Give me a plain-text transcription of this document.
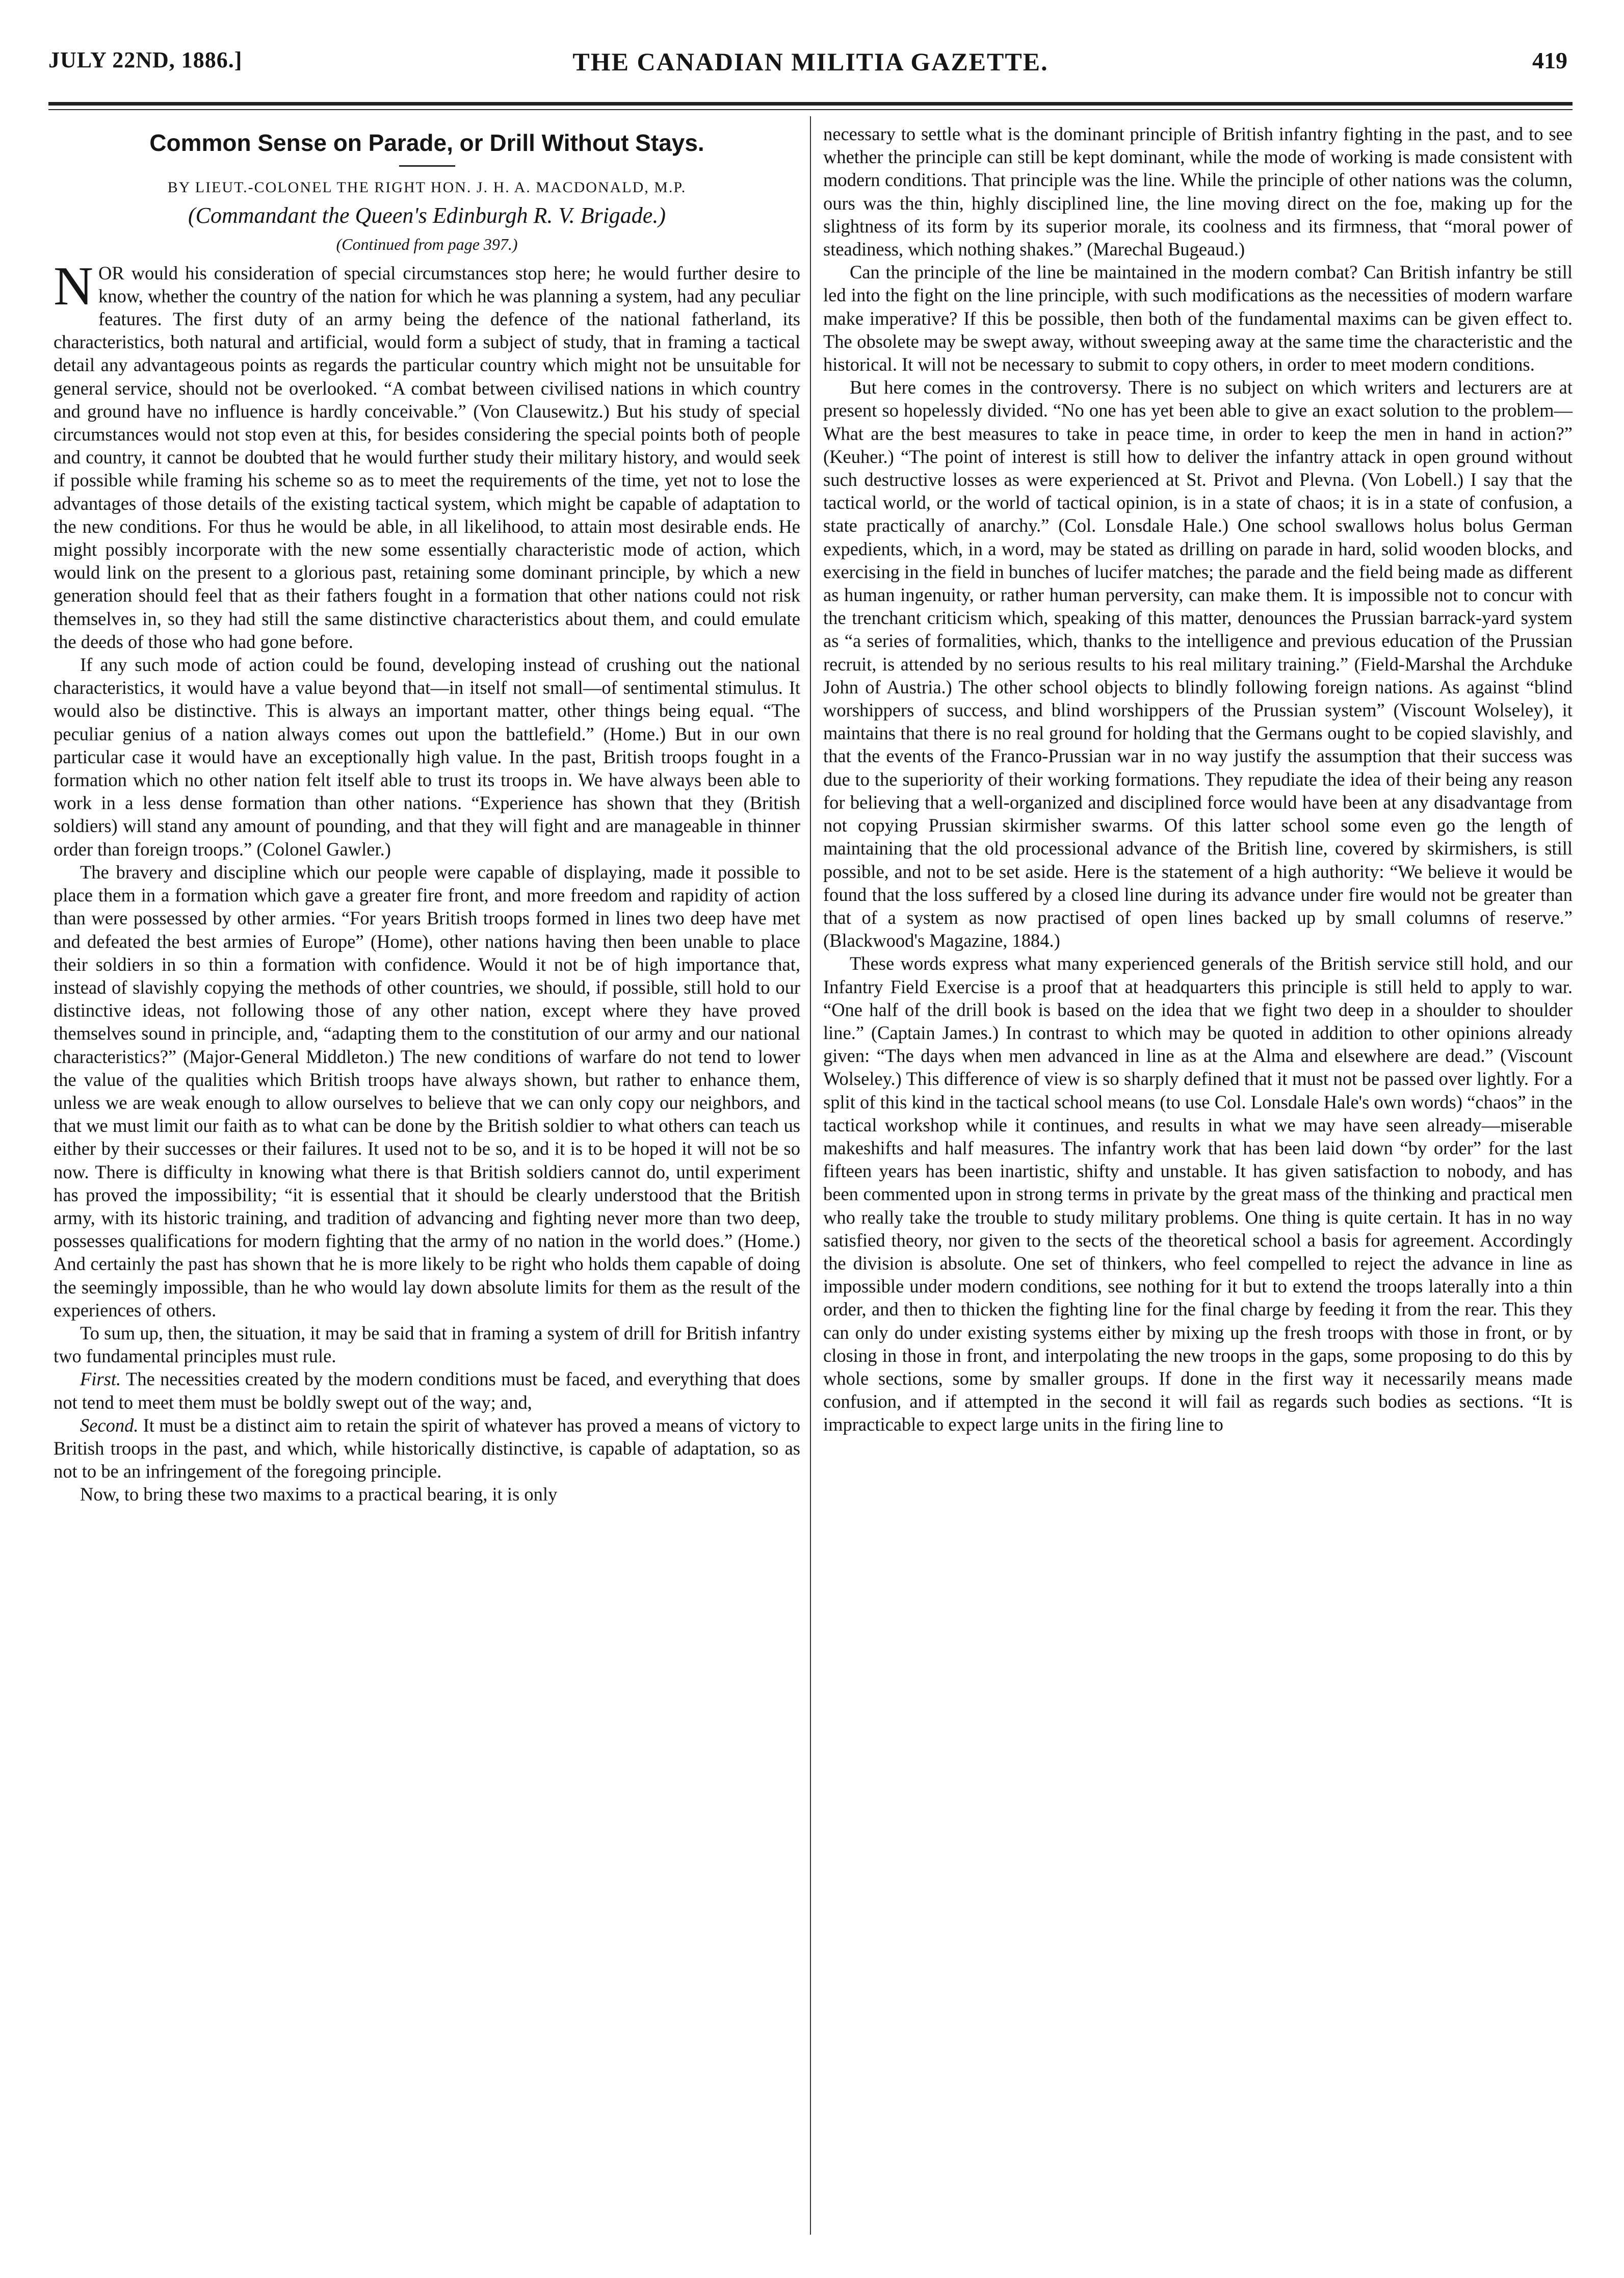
JULY 22ND, 1886.]	THE CANADIAN MILITIA GAZETTE.	419
Common Sense on Parade, or Drill Without Stays.
BY LIEUT.-COLONEL THE RIGHT HON. J. H. A. MACDONALD, M.P.
(Commandant the Queen's Edinburgh R. V. Brigade.)
(Continued from page 397.)

NOR would his consideration of special circumstances stop here; he would further desire to know, whether the country of the nation for which he was planning a system, had any peculiar features. The first duty of an army being the defence of the national fatherland, its characteristics, both natural and artificial, would form a subject of study, that in framing a tactical detail any advantageous points as regards the particular country which might not be unsuitable for general service, should not be overlooked. “A combat between civilised nations in which country and ground have no influence is hardly conceivable.” (Von Clausewitz.) But his study of special circumstances would not stop even at this, for besides considering the special points both of people and country, it cannot be doubted that he would further study their military history, and would seek if possible while framing his scheme so as to meet the requirements of the time, yet not to lose the advantages of those details of the existing tactical system, which might be capable of adaptation to the new conditions. For thus he would be able, in all likelihood, to attain most desirable ends. He might possibly incorporate with the new some essentially characteristic mode of action, which would link on the present to a glorious past, retaining some dominant principle, by which a new generation should feel that as their fathers fought in a formation that other nations could not risk themselves in, so they had still the same distinctive characteristics about them, and could emulate the deeds of those who had gone before.

If any such mode of action could be found, developing instead of crushing out the national characteristics, it would have a value beyond that—in itself not small—of sentimental stimulus. It would also be distinctive. This is always an important matter, other things being equal. “The peculiar genius of a nation always comes out upon the battlefield.” (Home.) But in our own particular case it would have an exceptionally high value. In the past, British troops fought in a formation which no other nation felt itself able to trust its troops in. We have always been able to work in a less dense formation than other nations. “Experience has shown that they (British soldiers) will stand any amount of pounding, and that they will fight and are manageable in thinner order than foreign troops.” (Colonel Gawler.)

The bravery and discipline which our people were capable of displaying, made it possible to place them in a formation which gave a greater fire front, and more freedom and rapidity of action than were possessed by other armies. “For years British troops formed in lines two deep have met and defeated the best armies of Europe” (Home), other nations having then been unable to place their soldiers in so thin a formation with confidence. Would it not be of high importance that, instead of slavishly copying the methods of other countries, we should, if possible, still hold to our distinctive ideas, not following those of any other nation, except where they have proved themselves sound in principle, and, “adapting them to the constitution of our army and our national characteristics?” (Major-General Middleton.) The new conditions of warfare do not tend to lower the value of the qualities which British troops have always shown, but rather to enhance them, unless we are weak enough to allow ourselves to believe that we can only copy our neighbors, and that we must limit our faith as to what can be done by the British soldier to what others can teach us either by their successes or their failures. It used not to be so, and it is to be hoped it will not be so now. There is difficulty in knowing what there is that British soldiers cannot do, until experiment has proved the impossibility; “it is essential that it should be clearly understood that the British army, with its historic training, and tradition of advancing and fighting never more than two deep, possesses qualifications for modern fighting that the army of no nation in the world does.” (Home.) And certainly the past has shown that he is more likely to be right who holds them capable of doing the seemingly impossible, than he who would lay down absolute limits for them as the result of the experiences of others.

To sum up, then, the situation, it may be said that in framing a system of drill for British infantry two fundamental principles must rule.

First. The necessities created by the modern conditions must be faced, and everything that does not tend to meet them must be boldly swept out of the way; and,

Second. It must be a distinct aim to retain the spirit of whatever has proved a means of victory to British troops in the past, and which, while historically distinctive, is capable of adaptation, so as not to be an infringement of the foregoing principle.

Now, to bring these two maxims to a practical bearing, it is only

necessary to settle what is the dominant principle of British infantry fighting in the past, and to see whether the principle can still be kept dominant, while the mode of working is made consistent with modern conditions. That principle was the line. While the principle of other nations was the column, ours was the thin, highly disciplined line, the line moving direct on the foe, making up for the slightness of its form by its superior morale, its coolness and its firmness, that “moral power of steadiness, which nothing shakes.” (Marechal Bugeaud.)

Can the principle of the line be maintained in the modern combat? Can British infantry be still led into the fight on the line principle, with such modifications as the necessities of modern warfare make imperative? If this be possible, then both of the fundamental maxims can be given effect to. The obsolete may be swept away, without sweeping away at the same time the characteristic and the historical. It will not be necessary to submit to copy others, in order to meet modern conditions.

But here comes in the controversy. There is no subject on which writers and lecturers are at present so hopelessly divided. “No one has yet been able to give an exact solution to the problem—What are the best measures to take in peace time, in order to keep the men in hand in action?” (Keuher.) “The point of interest is still how to deliver the infantry attack in open ground without such destructive losses as were experienced at St. Privot and Plevna. (Von Lobell.) I say that the tactical world, or the world of tactical opinion, is in a state of chaos; it is in a state of confusion, a state practically of anarchy.” (Col. Lonsdale Hale.) One school swallows holus bolus German expedients, which, in a word, may be stated as drilling on parade in hard, solid wooden blocks, and exercising in the field in bunches of lucifer matches; the parade and the field being made as different as human ingenuity, or rather human perversity, can make them. It is impossible not to concur with the trenchant criticism which, speaking of this matter, denounces the Prussian barrack-yard system as “a series of formalities, which, thanks to the intelligence and previous education of the Prussian recruit, is attended by no serious results to his real military training.” (Field-Marshal the Archduke John of Austria.) The other school objects to blindly following foreign nations. As against “blind worshippers of success, and blind worshippers of the Prussian system” (Viscount Wolseley), it maintains that there is no real ground for holding that the Germans ought to be copied slavishly, and that the events of the Franco-Prussian war in no way justify the assumption that their success was due to the superiority of their working formations. They repudiate the idea of their being any reason for believing that a well-organized and disciplined force would have been at any disadvantage from not copying Prussian skirmisher swarms. Of this latter school some even go the length of maintaining that the old processional advance of the British line, covered by skirmishers, is still possible, and not to be set aside. Here is the statement of a high authority: “We believe it would be found that the loss suffered by a closed line during its advance under fire would not be greater than that of a system as now practised of open lines backed up by small columns of reserve.” (Blackwood's Magazine, 1884.)

These words express what many experienced generals of the British service still hold, and our Infantry Field Exercise is a proof that at headquarters this principle is still held to apply to war. “One half of the drill book is based on the idea that we fight two deep in a shoulder to shoulder line.” (Captain James.) In contrast to which may be quoted in addition to other opinions already given: “The days when men advanced in line as at the Alma and elsewhere are dead.” (Viscount Wolseley.) This difference of view is so sharply defined that it must not be passed over lightly. For a split of this kind in the tactical school means (to use Col. Lonsdale Hale's own words) “chaos” in the tactical workshop while it continues, and results in what we may have seen already—miserable makeshifts and half measures. The infantry work that has been laid down “by order” for the last fifteen years has been inartistic, shifty and unstable. It has given satisfaction to nobody, and has been commented upon in strong terms in private by the great mass of the thinking and practical men who really take the trouble to study military problems. One thing is quite certain. It has in no way satisfied theory, nor given to the sects of the theoretical school a basis for agreement. Accordingly the division is absolute. One set of thinkers, who feel compelled to reject the advance in line as impossible under modern conditions, see nothing for it but to extend the troops laterally into a thin order, and then to thicken the fighting line for the final charge by feeding it from the rear. This they can only do under existing systems either by mixing up the fresh troops with those in front, or by closing in those in front, and interpolating the new troops in the gaps, some proposing to do this by whole sections, some by smaller groups. If done in the first way it necessarily means made confusion, and if attempted in the second it will fail as regards such bodies as sections. “It is impracticable to expect large units in the firing line to
